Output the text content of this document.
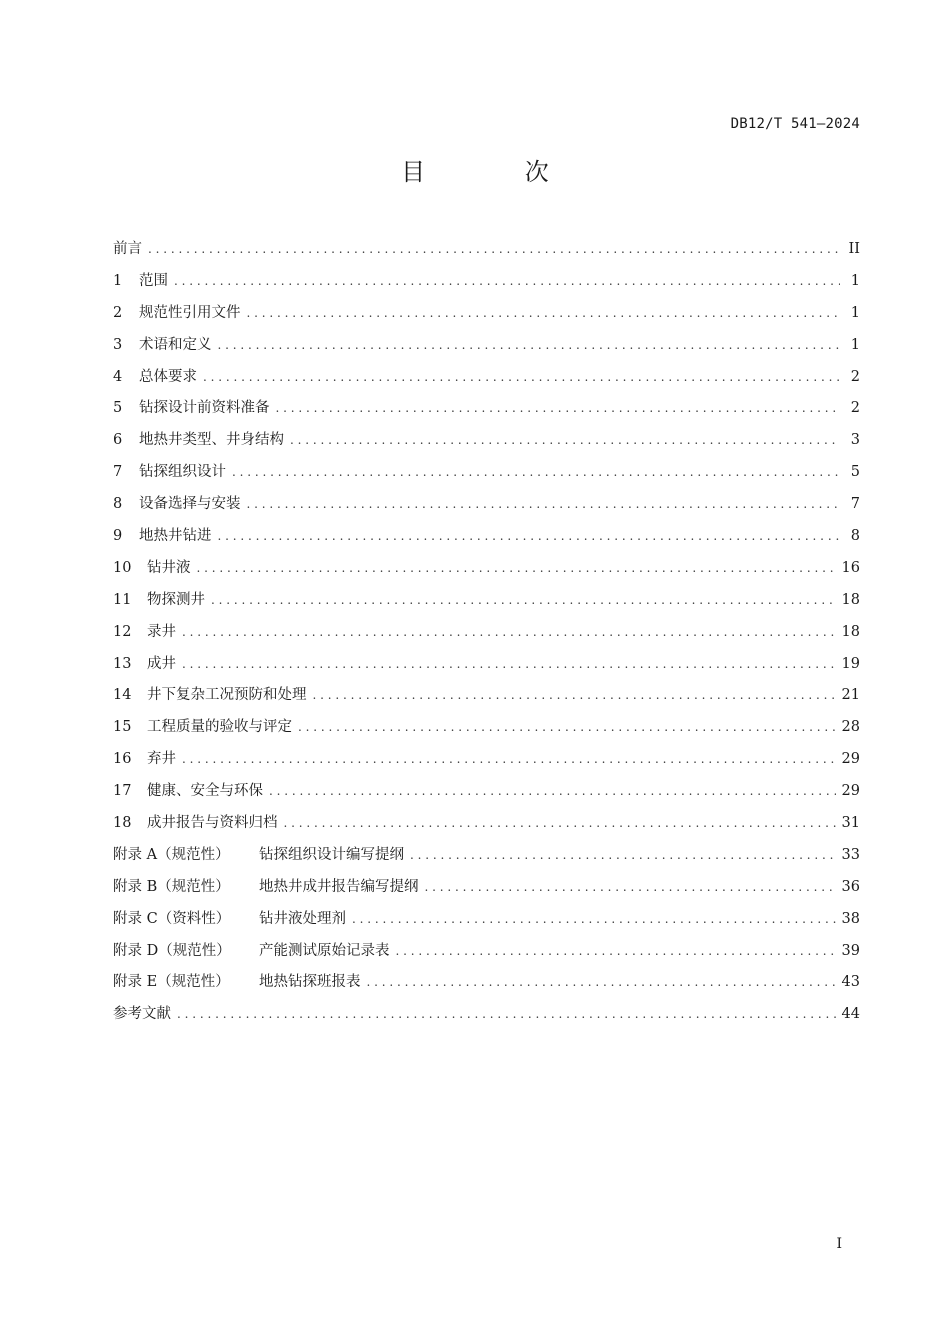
DB12/T 541—2024
目 次
前言 . . .	II
1	范围 . . .	1
2	规范性引用文件 . . .	1
3	术语和定义 . . .	1
4	总体要求 . . .	2
5	钻探设计前资料准备 . . .	2
6	地热井类型、井身结构 . . .	3
7	钻探组织设计 . . .	5
8	设备选择与安装 . . .	7
9	地热井钻进 . . .	8
10	钻井液 . . .	16
11	物探测井 . . .	18
12	录井 . . .	18
13	成井 . . .	19
14	井下复杂工况预防和处理 . . .	21
15	工程质量的验收与评定 . . .	28
16	弃井 . . .	29
17	健康、安全与环保 . . .	29
18	成井报告与资料归档 . . .	31
附录 A（规范性）	钻探组织设计编写提纲 . . .	33
附录 B（规范性）	地热井成井报告编写提纲 . . .	36
附录 C（资料性）	钻井液处理剂 . . .	38
附录 D（规范性）	产能测试原始记录表 . . .	39
附录 E（规范性）	地热钻探班报表 . . .	43
参考文献 . . .	44
I
